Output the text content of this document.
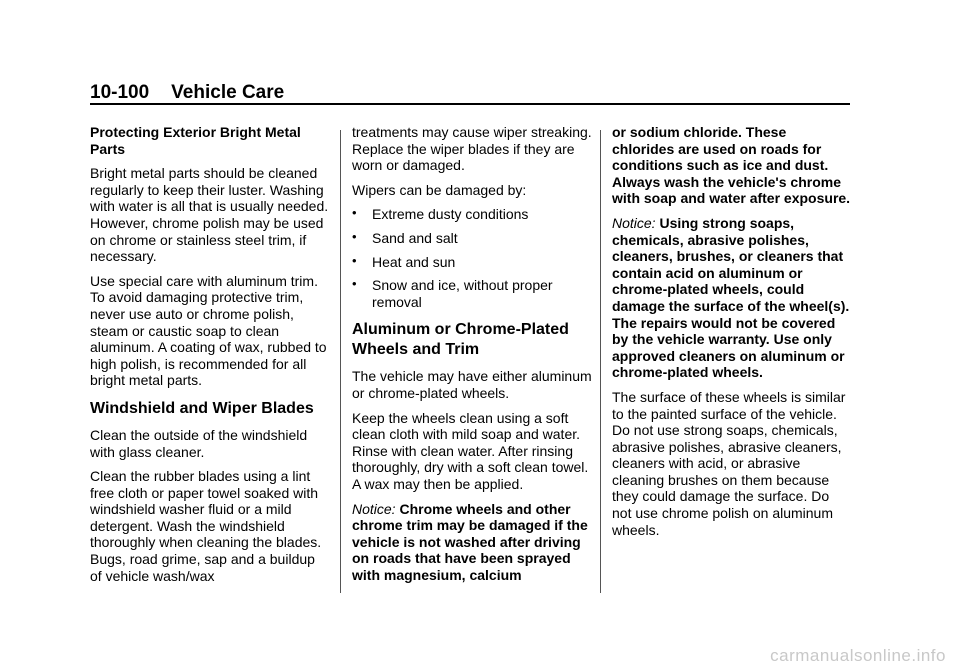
10-100 Vehicle Care

Protecting Exterior Bright Metal Parts

Bright metal parts should be cleaned regularly to keep their luster. Washing with water is all that is usually needed. However, chrome polish may be used on chrome or stainless steel trim, if necessary.

Use special care with aluminum trim. To avoid damaging protective trim, never use auto or chrome polish, steam or caustic soap to clean aluminum. A coating of wax, rubbed to high polish, is recommended for all bright metal parts.

Windshield and Wiper Blades

Clean the outside of the windshield with glass cleaner.

Clean the rubber blades using a lint free cloth or paper towel soaked with windshield washer fluid or a mild detergent. Wash the windshield thoroughly when cleaning the blades. Bugs, road grime, sap and a buildup of vehicle wash/wax

treatments may cause wiper streaking. Replace the wiper blades if they are worn or damaged.

Wipers can be damaged by:

• Extreme dusty conditions
• Sand and salt
• Heat and sun
• Snow and ice, without proper removal
Aluminum or Chrome-Plated Wheels and Trim

The vehicle may have either aluminum or chrome-plated wheels.

Keep the wheels clean using a soft clean cloth with mild soap and water. Rinse with clean water. After rinsing thoroughly, dry with a soft clean towel. A wax may then be applied.

Notice: Chrome wheels and other chrome trim may be damaged if the vehicle is not washed after driving on roads that have been sprayed with magnesium, calcium

or sodium chloride. These chlorides are used on roads for conditions such as ice and dust. Always wash the vehicle's chrome with soap and water after exposure.

Notice: Using strong soaps, chemicals, abrasive polishes, cleaners, brushes, or cleaners that contain acid on aluminum or chrome-plated wheels, could damage the surface of the wheel(s). The repairs would not be covered by the vehicle warranty. Use only approved cleaners on aluminum or chrome-plated wheels.

The surface of these wheels is similar to the painted surface of the vehicle. Do not use strong soaps, chemicals, abrasive polishes, abrasive cleaners, cleaners with acid, or abrasive cleaning brushes on them because they could damage the surface. Do not use chrome polish on aluminum wheels.

carmanualsonline.info
